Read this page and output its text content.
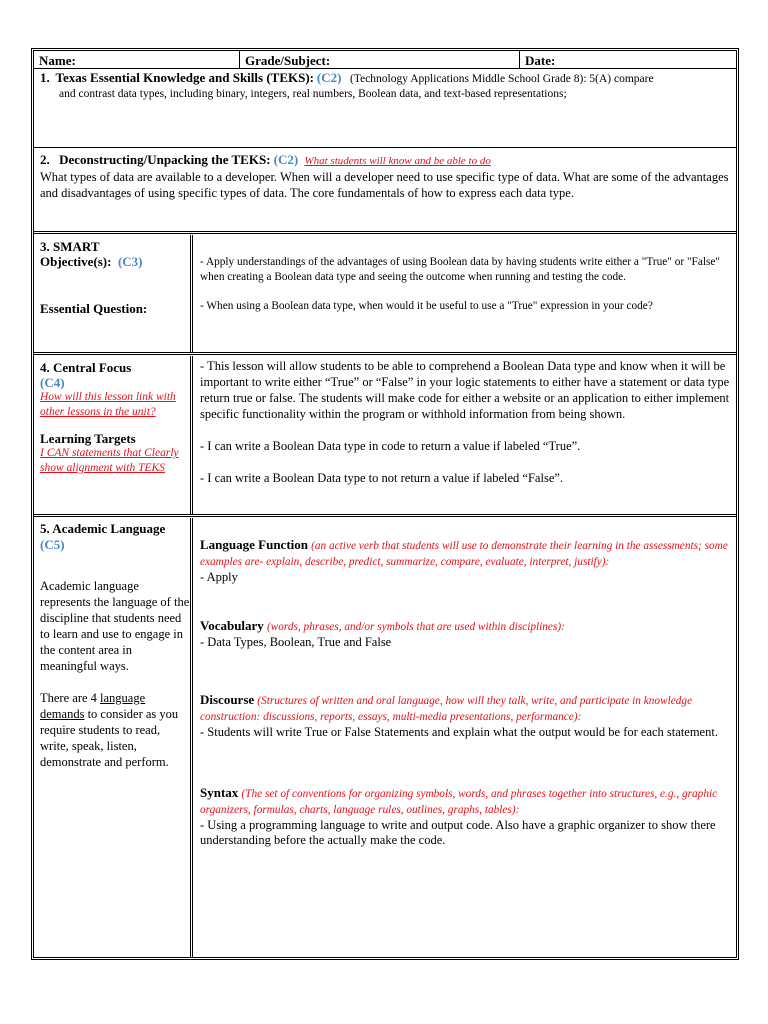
Name:	Grade/Subject:	Date:

1. Texas Essential Knowledge and Skills (TEKS): (C2) (Technology Applications Middle School Grade 8): 5(A) compare

and contrast data types, including binary, integers, real numbers, Boolean data, and text-based representations;

2. Deconstructing/Unpacking the TEKS: (C2) What students will know and be able to do

What types of data are available to a developer. When will a developer need to use specific type of data. What are some of the advantages and disadvantages of using specific types of data. The core fundamentals of how to express each data type.

3. SMART

Objective(s): (C3)

Essential Question:

- Apply understandings of the advantages of using Boolean data by having students write either a "True" or "False" when creating a Boolean data type and seeing the outcome when running and testing the code.

- When using a Boolean data type, when would it be useful to use a "True" expression in your code?

4. Central Focus

(C4)

How will this lesson link with other lessons in the unit?

Learning Targets

I CAN statements that Clearly show alignment with TEKS

- This lesson will allow students to be able to comprehend a Boolean Data type and know when it will be important to write either “True” or “False” in your logic statements to either have a statement or data type return true or false. The students will make code for either a website or an application to either implement specific functionality within the program or withhold information from being shown.

- I can write a Boolean Data type in code to return a value if labeled “True”.

- I can write a Boolean Data type to not return a value if labeled “False”.

5. Academic Language

(C5)

Academic language represents the language of the discipline that students need to learn and use to engage in the content area in meaningful ways.

There are 4 language demands to consider as you require students to read, write, speak, listen, demonstrate and perform.

Language Function (an active verb that students will use to demonstrate their learning in the assessments; some examples are- explain, describe, predict, summarize, compare, evaluate, interpret, justify):

- Apply

Vocabulary (words, phrases, and/or symbols that are used within disciplines):

- Data Types, Boolean, True and False

Discourse (Structures of written and oral language, how will they talk, write, and participate in knowledge construction: discussions, reports, essays, multi-media presentations, performance):

- Students will write True or False Statements and explain what the output would be for each statement.

Syntax (The set of conventions for organizing symbols, words, and phrases together into structures, e.g., graphic organizers, formulas, charts, language rules, outlines, graphs, tables):

- Using a programming language to write and output code. Also have a graphic organizer to show there understanding before the actually make the code.
